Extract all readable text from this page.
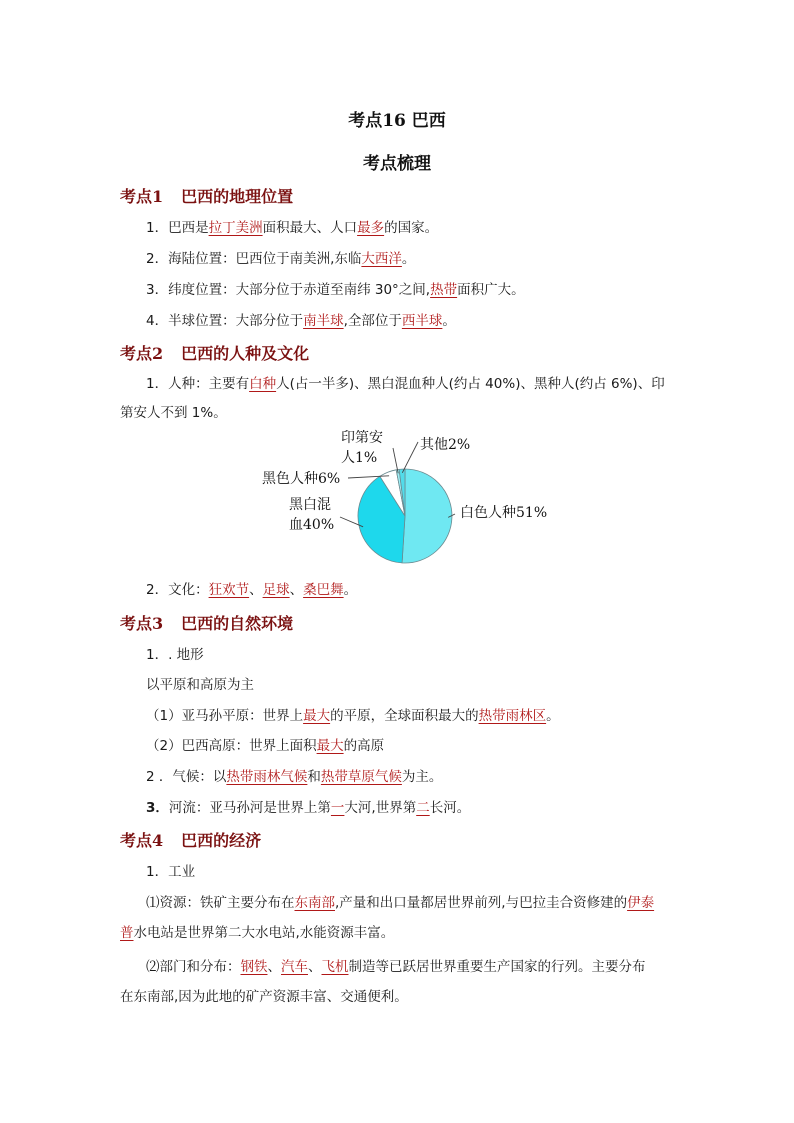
考点16 巴西
考点梳理
考点1 巴西的地理位置
1．巴西是拉丁美洲面积最大、人口最多的国家。
2．海陆位置：巴西位于南美洲,东临大西洋。
3．纬度位置：大部分位于赤道至南纬 30°之间,热带面积广大。
4．半球位置：大部分位于南半球,全部位于西半球。
考点2 巴西的人种及文化
1．人种：主要有白种人(占一半多)、黑白混血种人(约占 40%)、黑种人(约占 6%)、印
第安人不到 1%。
白色人种51%
黑白混
血40%
黑色人种6%
印第安
人1%
其他2%
2．文化：狂欢节、足球、桑巴舞。
考点3 巴西的自然环境
1．. 地形
以平原和高原为主
（1）亚马孙平原：世界上最大的平原，全球面积最大的热带雨林区。
（2）巴西高原：世界上面积最大的高原
2 ．气候：以热带雨林气候和热带草原气候为主。
3．河流：亚马孙河是世界上第一大河,世界第二长河。
考点4 巴西的经济
1．工业
⑴资源：铁矿主要分布在东南部,产量和出口量都居世界前列,与巴拉圭合资修建的伊泰
普水电站是世界第二大水电站,水能资源丰富。
⑵部门和分布：钢铁、汽车、飞机制造等已跃居世界重要生产国家的行列。主要分布
在东南部,因为此地的矿产资源丰富、交通便利。
